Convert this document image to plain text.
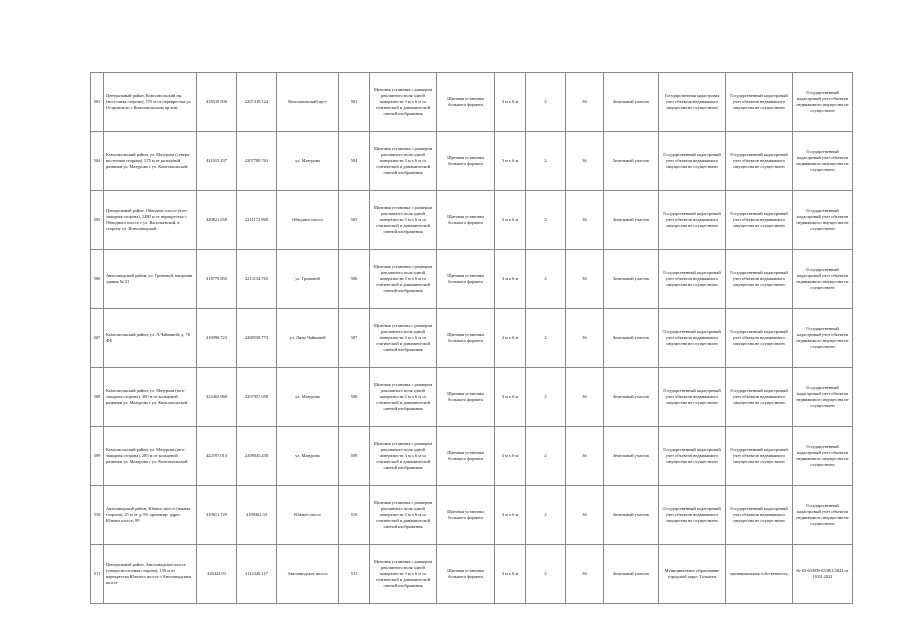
503	Центральный район, Комсомольский пр. (восточная сторона), 570 м от перекрестка ул. Островского с Комсомольским пр-том	418535.506	2207419.124	Комсомольский пр-т	503	Щитовая установка с размером рекламного поля одной поверхности 3 м x 6 м со статической и динамической сменой изображения	Щитовая установка большого формата	3 м x 6 м	2	36	Земельный участок	Государственная кадастровая учет объектов недвижимого имущества не осуществлен	Государственный кадастровый учет объектов недвижимого имущества не осуществлен	Государственный кадастровый учет объектов недвижимого имущества не осуществлен
504	Комсомольский район, ул. Мазурова (северо-восточная сторона), 575 м от кольцевой развязки ул. Мазурова с ул. Комсомольской	421015.437	2207780.763	ул. Мазурова	504	Щитовая установка с размером рекламного поля одной поверхности 3 м x 6 м со статической и динамической сменой изображения	Щитовая установка большого формата	3 м x 6 м	2	36	Земельный участок	Государственный кадастровый учет объектов недвижимого имущества не осуществлен	Государственный кадастровый учет объектов недвижимого имущества не осуществлен	Государственный кадастровый учет объектов недвижимого имущества не осуществлен
505	Центральный район, Обводное шоссе (юго-западная сторона), 1280 м от перекрестка с Обводного шоссе с ул. Васильевской, в сторону ул. Новозаводской	420821.658	2211172.968	Обводное шоссе	505	Щитовая установка с размером рекламного поля одной поверхности 3 м x 6 м со статической и динамической сменой изображения	Щитовая установка большого формата	3 м x 6 м	2	36	Земельный участок	Государственный кадастровый учет объектов недвижимого имущества не осуществлен	Государственный кадастровый учет объектов недвижимого имущества не осуществлен	Государственный кадастровый учет объектов недвижимого имущества не осуществлен
506	Автозаводский район, ул. Громовой, напротив здания № 31	418779.892	2213134.765	ул. Громовой	506	Щитовая установка с размером рекламного поля одной поверхности 3 м x 6 м со статической и динамической сменой изображения	Щитовая установка большого формата	3 м x 6 м	2	36	Земельный участок	Государственный кадастровый учет объектов недвижимого имущества не осуществлен	Государственный кадастровый учет объектов недвижимого имущества не осуществлен	Государственный кадастровый учет объектов недвижимого имущества не осуществлен
507	Комсомольский район, ул. Л.Чайкиной, д. 76 ФБ	416990.723	2208558.773	ул. Лизы Чайкиной	507	Щитовая установка с размером рекламного поля одной поверхности 3 м x 6 м со статической и динамической сменой изображения	Щитовая установка большого формата	3 м x 6 м	2	36	Земельный участок	Государственный кадастровый учет объектов недвижимого имущества не осуществлен	Государственный кадастровый учет объектов недвижимого имущества не осуществлен	Государственный кадастровый учет объектов недвижимого имущества не осуществлен
508	Комсомольский район, ул. Мазурова (юго-западная сторона), 380 м от кольцевой развязки ул. Мазурова с ул. Комсомольской	422463.968	2207957.058	ул. Мазурова	508	Щитовая установка с размером рекламного поля одной поверхности 3 м x 6 м со статической и динамической сменой изображения	Щитовая установка большого формата	3 м x 6 м	2	36	Земельный участок	Государственный кадастровый учет объектов недвижимого имущества не осуществлен	Государственный кадастровый учет объектов недвижимого имущества не осуществлен	Государственный кадастровый учет объектов недвижимого имущества не осуществлен
509	Комсомольский район, ул. Мазурова (юго-западная сторона), 285 м от кольцевой развязки ул. Мазурова с ул. Комсомольской	422597.013	2208045.438	ул. Мазурова	509	Щитовая установка с размером рекламного поля одной поверхности 3 м x 6 м со статической и динамической сменой изображения	Щитовая установка большого формата	3 м x 6 м	2	36	Земельный участок	Государственный кадастровый учет объектов недвижимого имущества не осуществлен	Государственный кадастровый учет объектов недвижимого имущества не осуществлен	Государственный кадастровый учет объектов недвижимого имущества не осуществлен
510	Автозаводский район, Южное шоссе (южная сторона), 25 м от д. 99, ориентир: адрес: Южное шоссе, 99	419611.729	2109402.33	Южное шоссе	510	Щитовая установка с размером рекламного поля одной поверхности 3 м x 6 м со статической и динамической сменой изображения	Щитовая установка большого формата	3 м x 6 м	2	36	Земельный участок	Государственный кадастровый учет объектов недвижимого имущества не осуществлен	Государственный кадастровый учет объектов недвижимого имущества не осуществлен	Государственный кадастровый учет объектов недвижимого имущества не осуществлен
511	Центральный район, Автозаводское шоссе (северо-восточная сторона), 150 м от перекрестка Южного шоссе с Автозаводским шоссе	420424.93	2112320.117	Автозаводское шоссе	511	Щитовая установка с размером рекламного поля одной поверхности 3 м x 6 м со статической и динамической сменой изображения	Щитовая установка большого формата	3 м x 6 м	2	36	Земельный участок	Муниципальное образование городской округ Тольятти	муниципальная собственность	№ 63-63/009-63/001/2022 от 10.02.2022
